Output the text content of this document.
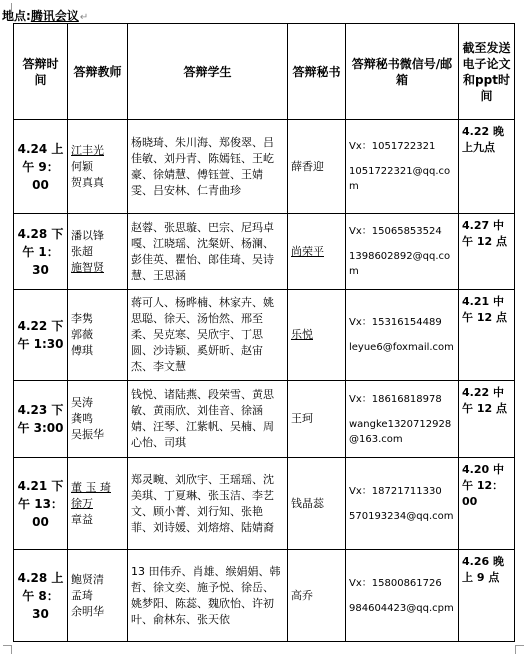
地点:腾讯会议↵
答辩时间	答辩教师	答辩学生	答辩秘书	答辩秘书微信号/邮箱	截至发送电子论文和ppt时间
4.24 上午 9：00	江丰光
何颖
贺真真	杨晓琦、朱川海、郑俊翠、吕佳敏、刘丹青、陈嫣钰、王屹豪、徐婧慧、傅钰萱、王婧雯、吕安林、仁青曲珍	薛香迎	Vx：1051722321
1051722321@qq.com	4.22 晚上九点
4.28 下午 1：30	潘以锋
张超
施智贤	赵蓉、张思璇、巴宗、尼玛卓嘎、江晓瑶、沈粲妍、杨澜、彭佳英、瞿怡、郎佳琦、吴诗慧、王思涵	尚荣平	Vx：15065853524
1398602892@qq.com	4.27 中午 12 点
4.22 下午 1:30	李隽
郭薇
傅琪	蒋可人、杨晔楠、林家卉、姚思聪、徐天、汤怡然、邢至柔、吴克寒、吴欣宇、丁思圆、沙诗颖、奚妍昕、赵宙杰、李文慧	乐悦	Vx：15316154489
leyue6@foxmail.com	4.21 中午 12 点
4.23 下午 3:00	吴涛
龚鸣
吴振华	钱悦、诸陆燕、段荣雪、黄思敏、黄雨欣、刘佳音、徐涵婧、汪琴、江紫帆、吴楠、周心怡、司琪	王珂	Vx：18616818978
wangke1320712928@163.com	4.22 中午 12 点
4.21 下午 13：00	董 玉 琦
徐万
章益	郑灵畹、刘欣宇、王瑶瑶、沈美琪、丁夏琳、张玉洁、李艺文、顾小菁、刘行知、张艳菲、刘诗媛、刘熔熔、陆婧裔	钱晶蕊	Vx：18721711330
570193234@qq.com	4.20 中午 12：00
4.28 上午 8：30	鲍贤清
孟琦
余明华	13 田伟乔、肖雄、缑娟娟、韩哲、徐文奕、施予悦、徐岳、姚梦阳、陈蕊、魏欣怡、许初叶、俞林东、张天依	高乔	Vx：15800861726
984604423@qq.cpm	4.26 晚上 9 点
